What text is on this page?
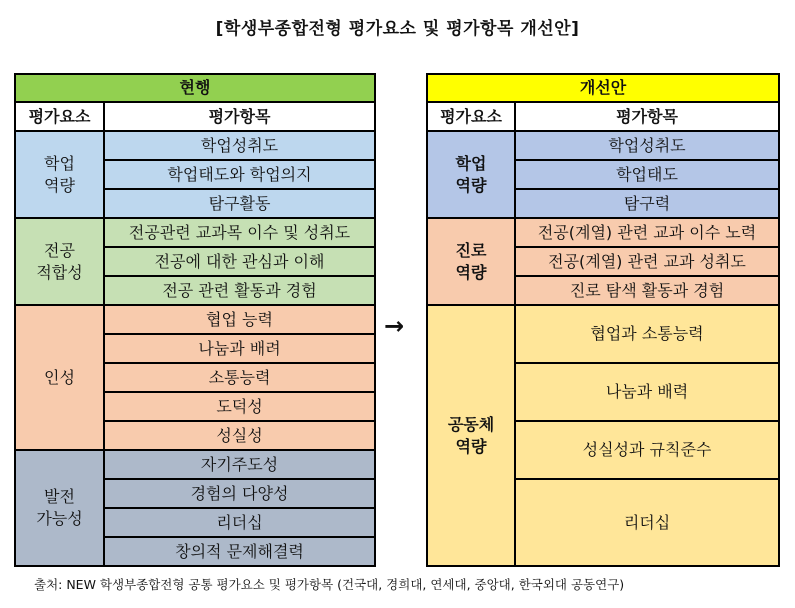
[학생부종합전형 평가요소 및 평가항목 개선안]
현행	
평가요소	평가항목
학업
역량	학업성취도
	학업태도와 학업의지
	탐구활동
전공
적합성	전공관련 교과목 이수 및 성취도
	전공에 대한 관심과 이해
	전공 관련 활동과 경험
인성	협업 능력
	나눔과 배려
	소통능력
	도덕성
	성실성
발전
가능성	자기주도성
	경험의 다양성
	리더십
	창의적 문제해결력
→
개선안	
평가요소	평가항목
학업
역량	학업성취도
	학업태도
	탐구력
진로
역량	전공(계열) 관련 교과 이수 노력
	전공(계열) 관련 교과 성취도
	진로 탐색 활동과 경험
공동체
역량	협업과 소통능력
	나눔과 배력
	성실성과 규칙준수
	리더십
출처: NEW 학생부종합전형 공통 평가요소 및 평가항목 (건국대, 경희대, 연세대, 중앙대, 한국외대 공동연구)
